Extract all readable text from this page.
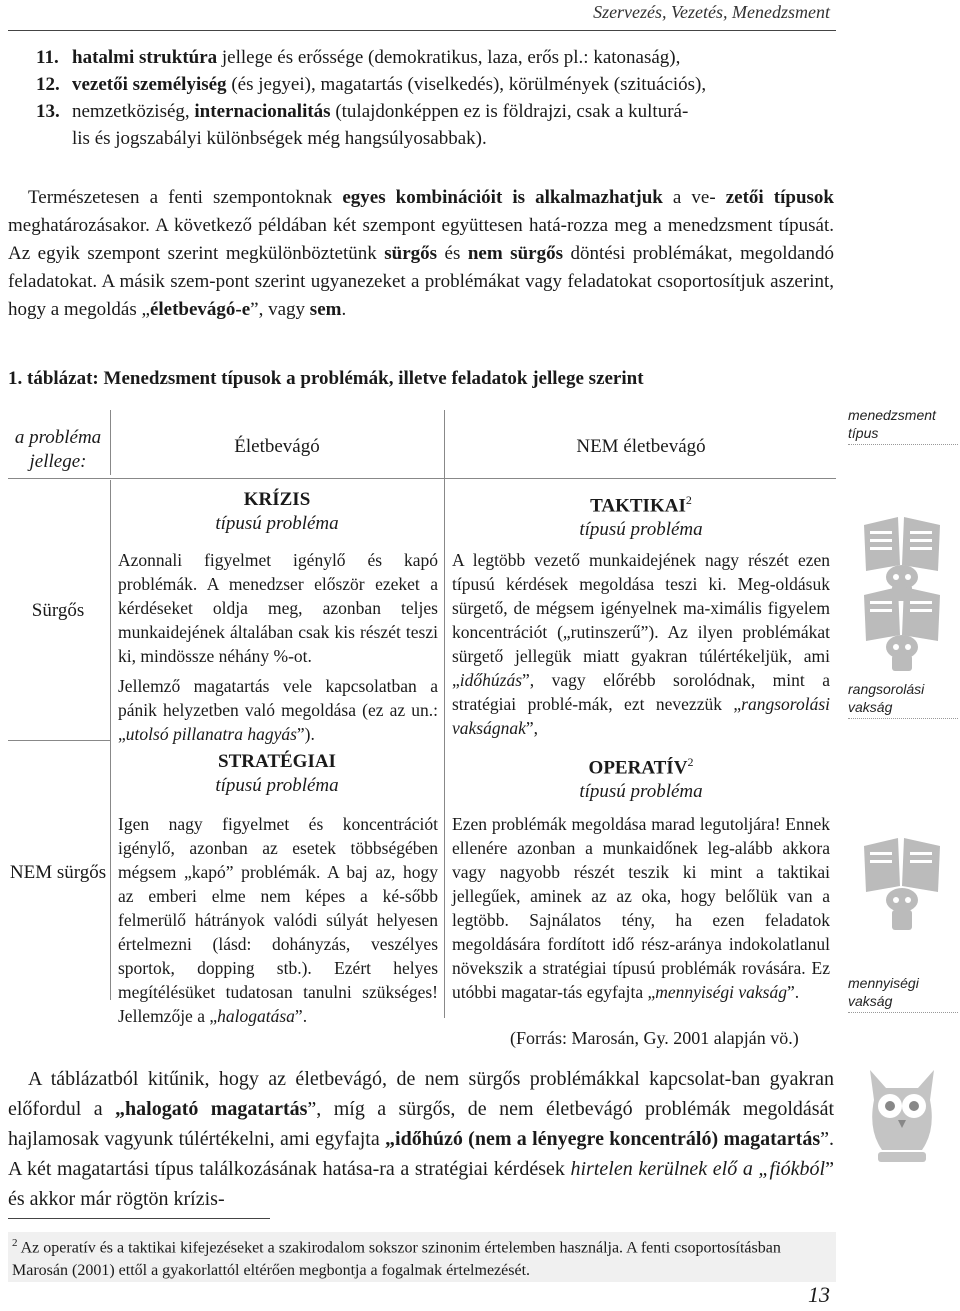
Szervezés, Vezetés, Menedzsment
11. hatalmi struktúra jellege és erőssége (demokratikus, laza, erős pl.: katonaság),
12. vezetői személyiség (és jegyei), magatartás (viselkedés), körülmények (szituációs),
13. nemzetköziség, internacionalitás (tulajdonképpen ez is földrajzi, csak a kulturá-
lis és jogszabályi különbségek még hangsúlyosabbak).

Természetesen a fenti szempontoknak egyes kombinációit is alkalmazhatjuk a ve- zetői típusok meghatározásakor. A következő példában két szempont együttesen hatá-rozza meg a menedzsment típusát. Az egyik szempont szerint megkülönböztetünk sürgős és nem sürgős döntési problémákat, megoldandó feladatokat. A másik szem-pont szerint ugyanezeket a problémákat vagy feladatokat csoportosítjuk aszerint, hogy a megoldás „életbevágó-e”, vagy sem.

1. táblázat: Menedzsment típusok a problémák, illetve feladatok jellege szerint
a probléma jellege:
Életbevágó	NEM életbevágó
Sürgős
NEM sürgős
KRÍZIS
típusú probléma

Azonnali figyelmet igénylő és kapó problémák. A menedzser először ezeket a kérdéseket oldja meg, azonban teljes munkaidejének általában csak kis részét teszi ki, mindössze néhány %-ot.

Jellemző magatartás vele kapcsolatban a pánik helyzetben való megoldása (ez az un.: „utolsó pillanatra hagyás”).

TAKTIKAI$^2$
típusú probléma

A legtöbb vezető munkaidejének nagy részét ezen típusú kérdések megoldása teszi ki. Meg-oldásuk sürgető, de mégsem igényelnek ma-ximális figyelem koncentrációt („rutinszerű”). Az ilyen problémákat sürgető jellegük miatt gyakran túlértékeljük, ami „időhúzás”, vagy előrébb sorolódnak, mint a stratégiai problé-mák, ezt nevezzük „rangsorolási vakságnak”,

STRATÉGIAI
típusú probléma

Igen nagy figyelmet és koncentrációt igénylő, azonban az esetek többségében mégsem „kapó” problémák. A baj az, hogy az emberi elme nem képes a ké-sőbb felmerülő hátrányok valódi súlyát helyesen értelmezni (lásd: dohányzás, veszélyes sportok, dopping stb.). Ezért helyes megítélésüket tudatosan tanulni szükséges! Jellemzője a „halogatása”.

OPERATÍV$^2$
típusú probléma

Ezen problémák megoldása marad legutoljára! Ennek ellenére azonban a munkaidőnek leg-alább akkora vagy nagyobb részét teszik ki mint a taktikai jellegűek, aminek az az oka, hogy belőlük van a legtöbb. Sajnálatos tény, ha ezen feladatok megoldására fordított idő rész-aránya indokolatlanul növekszik a stratégiai típusú problémák rovására. Ez utóbbi magatar-tás egyfajta „mennyiségi vakság”.

(Forrás: Marosán, Gy. 2001 alapján vö.)
menedzsment típus
rangsorolási vakság
mennyiségi vakság

A táblázatból kitűnik, hogy az életbevágó, de nem sürgős problémákkal kapcsolat-ban gyakran előfordul a „halogató magatartás”, míg a sürgős, de nem életbevágó problémák megoldását hajlamosak vagyunk túlértékelni, ami egyfajta „időhúzó (nem a lényegre koncentráló) magatartás”. A két magatartási típus találkozásának hatása-ra a stratégiai kérdések hirtelen kerülnek elő a „fiókból” és akkor már rögtön krízis-

$^2$ Az operatív és a taktikai kifejezéseket a szakirodalom sokszor szinonim értelemben használja. A fenti csoportosításban Marosán (2001) ettől a gyakorlattól eltérően megbontja a fogalmak értelmezését.
13
